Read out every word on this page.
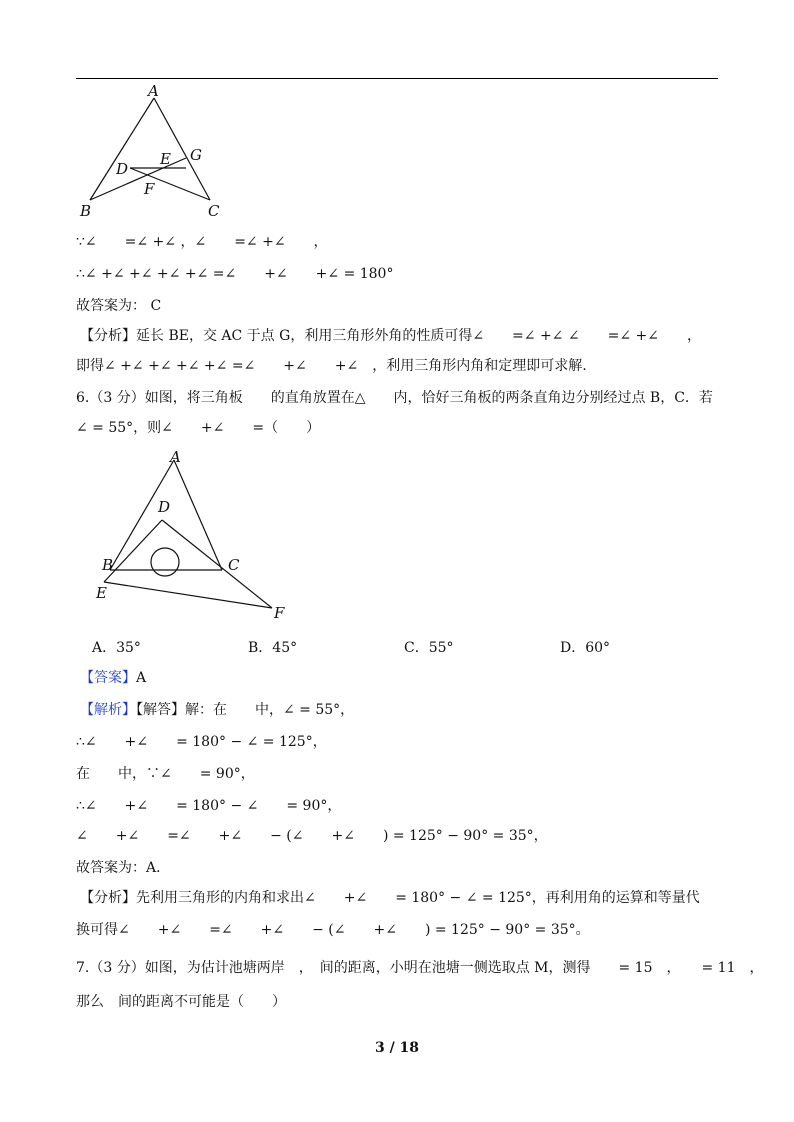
A
B	C
D
E
F
G
∵∠　　=∠ +∠ ，∠　　=∠ +∠　　，
∴∠ +∠ +∠ +∠ +∠ =∠　　+∠　　+∠ = 180°
故答案为： C
【分析】延长 BE，交 AC 于点 G，利用三角形外角的性质可得∠　　=∠ +∠ ∠　　=∠ +∠　　，
即得∠ +∠ +∠ +∠ +∠ =∠　　+∠　　+∠　，利用三角形内角和定理即可求解.
6.（3 分）如图，将三角板　　的直角放置在△　　内，恰好三角板的两条直角边分别经过点 B，C．若
∠ = 55°，则∠　　+∠　　=（　　）
A
B	C
D
E
F
A．35°	B．45°	C．55°	D．60°
【答案】A
【解析】【解答】解：在　　中，∠ = 55°，
∴∠　　+∠　　= 180° − ∠ = 125°，
在　　中，∵∠　　= 90°，
∴∠　　+∠　　= 180° − ∠　　= 90°，
∠　　+∠　　=∠　　+∠　　− (∠　　+∠　　) = 125° − 90° = 35°，
故答案为：A．
【分析】先利用三角形的内角和求出∠　　+∠　　= 180° − ∠ = 125°，再利用角的运算和等量代
换可得∠　　+∠　　=∠　　+∠　　− (∠　　+∠　　) = 125° − 90° = 35°。
7.（3 分）如图，为估计池塘两岸　，　间的距离，小明在池塘一侧选取点 M，测得　　= 15　，　　= 11　，
那么　间的距离不可能是（　　）
3 / 18
